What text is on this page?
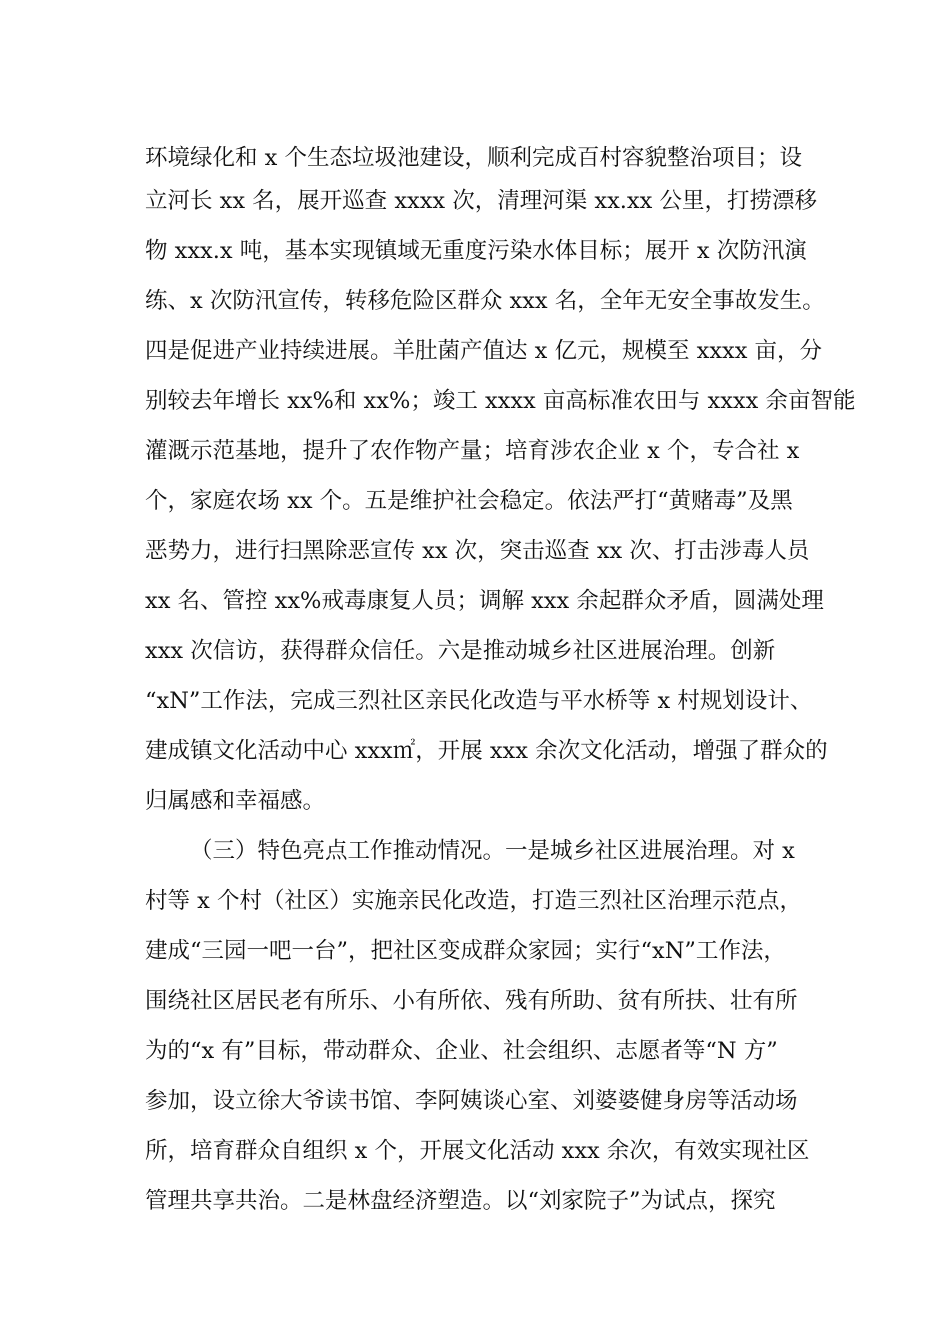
环境绿化和 x 个生态垃圾池建设，顺利完成百村容貌整治项目；设
立河长 xx 名，展开巡查 xxxx 次，清理河渠 xx.xx 公里，打捞漂移
物 xxx.x 吨，基本实现镇域无重度污染水体目标；展开 x 次防汛演
练、x 次防汛宣传，转移危险区群众 xxx 名，全年无安全事故发生。
四是促进产业持续进展。羊肚菌产值达 x 亿元，规模至 xxxx 亩，分
别较去年增长 xx%和 xx%；竣工 xxxx 亩高标准农田与 xxxx 余亩智能
灌溉示范基地，提升了农作物产量；培育涉农企业 x 个，专合社 x
个，家庭农场 xx 个。五是维护社会稳定。依法严打“黄赌毒”及黑
恶势力，进行扫黑除恶宣传 xx 次，突击巡查 xx 次、打击涉毒人员
xx 名、管控 xx%戒毒康复人员；调解 xxx 余起群众矛盾，圆满处理
xxx 次信访，获得群众信任。六是推动城乡社区进展治理。创新
“xN”工作法，完成三烈社区亲民化改造与平水桥等 x 村规划设计、
建成镇文化活动中心 xxx㎡，开展 xxx 余次文化活动，增强了群众的
归属感和幸福感。
（三）特色亮点工作推动情况。一是城乡社区进展治理。对 x
村等 x 个村（社区）实施亲民化改造，打造三烈社区治理示范点，
建成“三园一吧一台”，把社区变成群众家园；实行“xN”工作法，
围绕社区居民老有所乐、小有所依、残有所助、贫有所扶、壮有所
为的“x 有”目标，带动群众、企业、社会组织、志愿者等“N 方”
参加，设立徐大爷读书馆、李阿姨谈心室、刘婆婆健身房等活动场
所，培育群众自组织 x 个，开展文化活动 xxx 余次，有效实现社区
管理共享共治。二是林盘经济塑造。以“刘家院子”为试点，探究
